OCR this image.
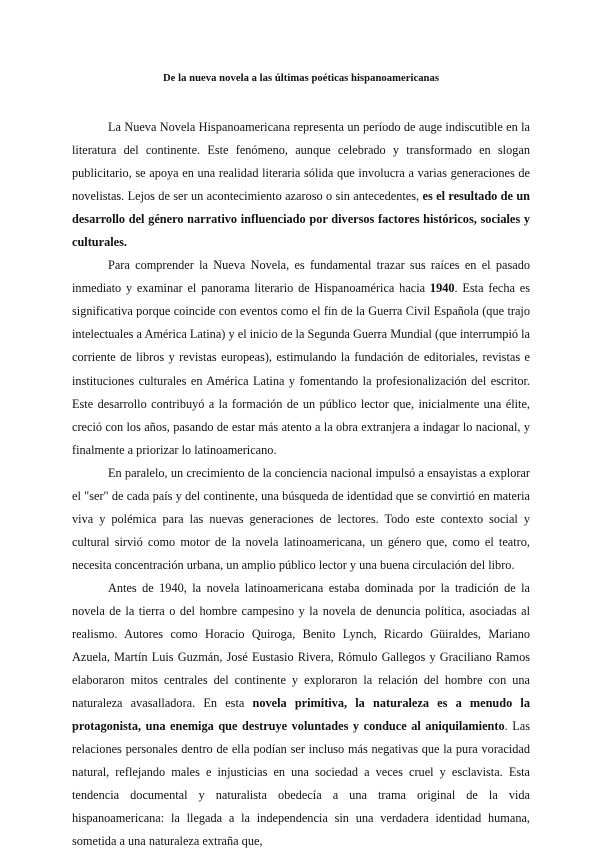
De la nueva novela a las últimas poéticas hispanoamericanas

La Nueva Novela Hispanoamericana representa un período de auge indiscutible en la literatura del continente. Este fenómeno, aunque celebrado y transformado en slogan publicitario, se apoya en una realidad literaria sólida que involucra a varias generaciones de novelistas. Lejos de ser un acontecimiento azaroso o sin antecedentes, es el resultado de un desarrollo del género narrativo influenciado por diversos factores históricos, sociales y culturales.

Para comprender la Nueva Novela, es fundamental trazar sus raíces en el pasado inmediato y examinar el panorama literario de Hispanoamérica hacia 1940. Esta fecha es significativa porque coincide con eventos como el fin de la Guerra Civil Española (que trajo intelectuales a América Latina) y el inicio de la Segunda Guerra Mundial (que interrumpió la corriente de libros y revistas europeas), estimulando la fundación de editoriales, revistas e instituciones culturales en América Latina y fomentando la profesionalización del escritor. Este desarrollo contribuyó a la formación de un público lector que, inicialmente una élite, creció con los años, pasando de estar más atento a la obra extranjera a indagar lo nacional, y finalmente a priorizar lo latinoamericano.

En paralelo, un crecimiento de la conciencia nacional impulsó a ensayistas a explorar el "ser" de cada país y del continente, una búsqueda de identidad que se convirtió en materia viva y polémica para las nuevas generaciones de lectores. Todo este contexto social y cultural sirvió como motor de la novela latinoamericana, un género que, como el teatro, necesita concentración urbana, un amplio público lector y una buena circulación del libro.

Antes de 1940, la novela latinoamericana estaba dominada por la tradición de la novela de la tierra o del hombre campesino y la novela de denuncia política, asociadas al realismo. Autores como Horacio Quiroga, Benito Lynch, Ricardo Güiraldes, Mariano Azuela, Martín Luis Guzmán, José Eustasio Rivera, Rómulo Gallegos y Graciliano Ramos elaboraron mitos centrales del continente y exploraron la relación del hombre con una naturaleza avasalladora. En esta novela primitiva, la naturaleza es a menudo la protagonista, una enemiga que destruye voluntades y conduce al aniquilamiento. Las relaciones personales dentro de ella podían ser incluso más negativas que la pura voracidad natural, reflejando males e injusticias en una sociedad a veces cruel y esclavista. Esta tendencia documental y naturalista obedecía a una trama original de la vida hispanoamericana: la llegada a la independencia sin una verdadera identidad humana, sometida a una naturaleza extraña que,
